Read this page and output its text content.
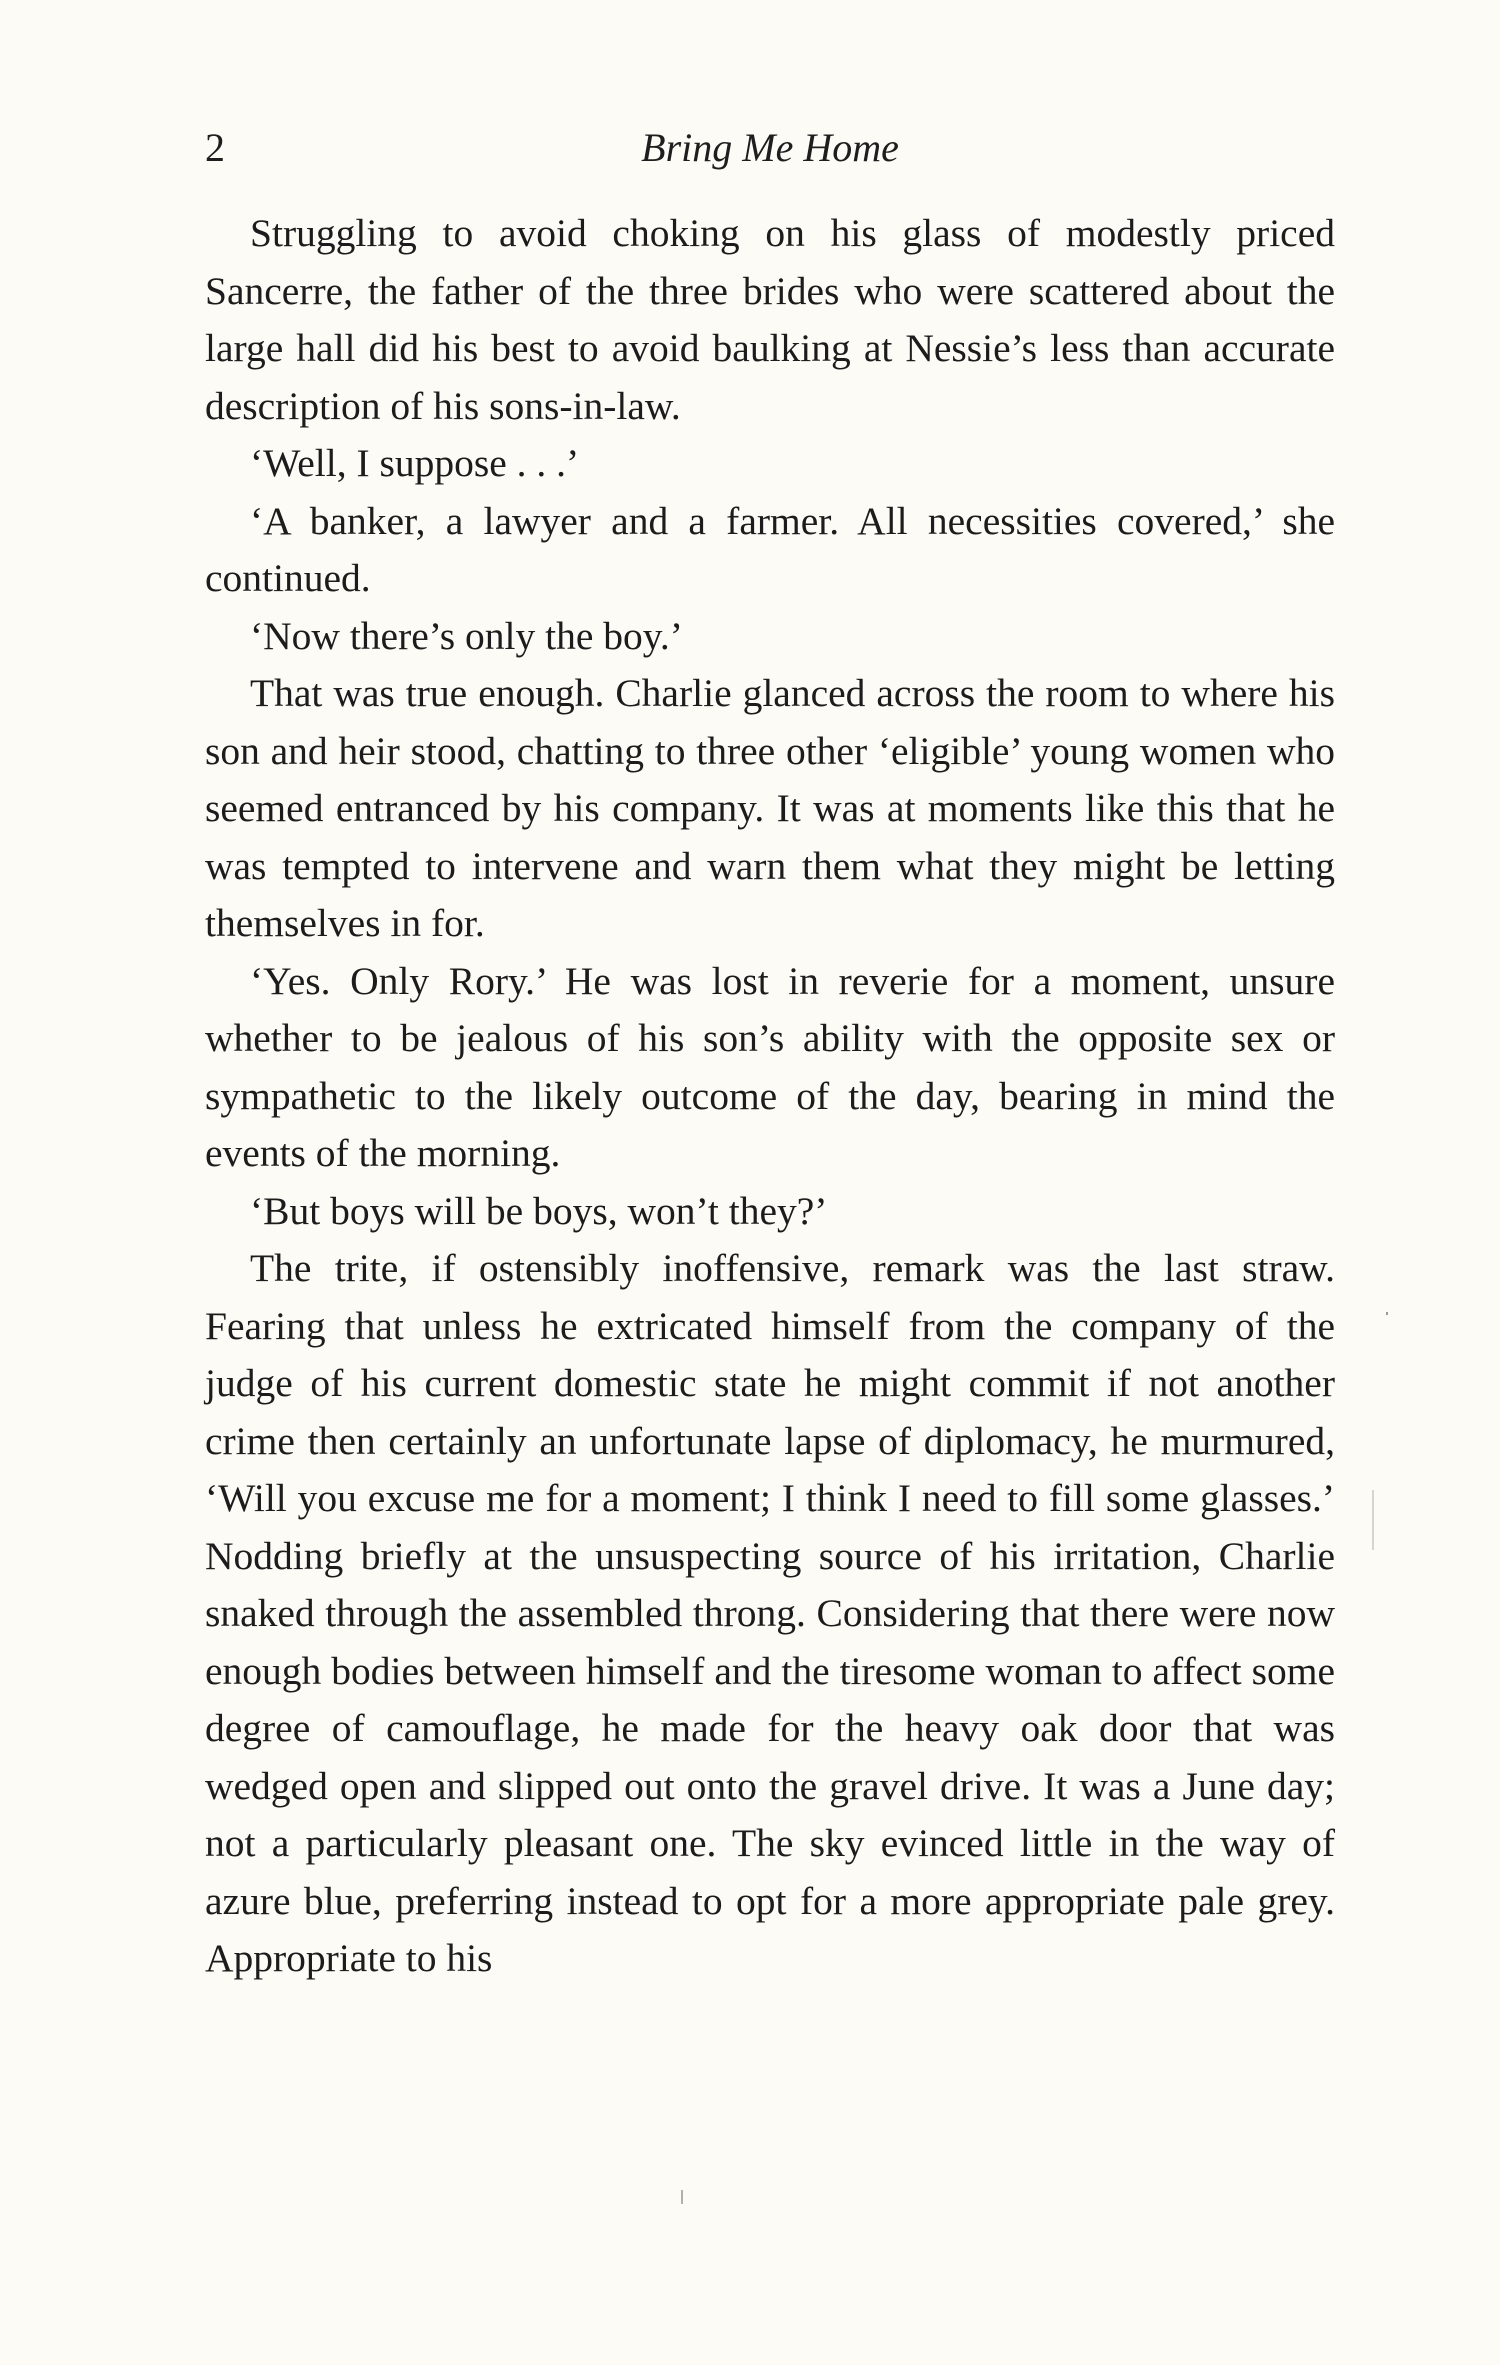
2	Bring Me Home

Struggling to avoid choking on his glass of modestly priced Sancerre, the father of the three brides who were scattered about the large hall did his best to avoid baulking at Nessie’s less than accurate description of his sons-in-law.

‘Well, I suppose . . .’

‘A banker, a lawyer and a farmer. All necessities covered,’ she continued.

‘Now there’s only the boy.’

That was true enough. Charlie glanced across the room to where his son and heir stood, chatting to three other ‘eligible’ young women who seemed entranced by his company. It was at moments like this that he was tempted to intervene and warn them what they might be letting themselves in for.

‘Yes. Only Rory.’ He was lost in reverie for a moment, unsure whether to be jealous of his son’s ability with the opposite sex or sympathetic to the likely outcome of the day, bearing in mind the events of the morning.

‘But boys will be boys, won’t they?’

The trite, if ostensibly inoffensive, remark was the last straw. Fearing that unless he extricated himself from the company of the judge of his current domestic state he might commit if not another crime then certainly an unfortunate lapse of diplomacy, he murmured, ‘Will you excuse me for a moment; I think I need to fill some glasses.’ Nodding briefly at the unsuspecting source of his irritation, Charlie snaked through the assembled throng. Considering that there were now enough bodies between himself and the tiresome woman to affect some degree of camouflage, he made for the heavy oak door that was wedged open and slipped out onto the gravel drive. It was a June day; not a particularly pleasant one. The sky evinced little in the way of azure blue, preferring instead to opt for a more appropriate pale grey. Appropriate to his
